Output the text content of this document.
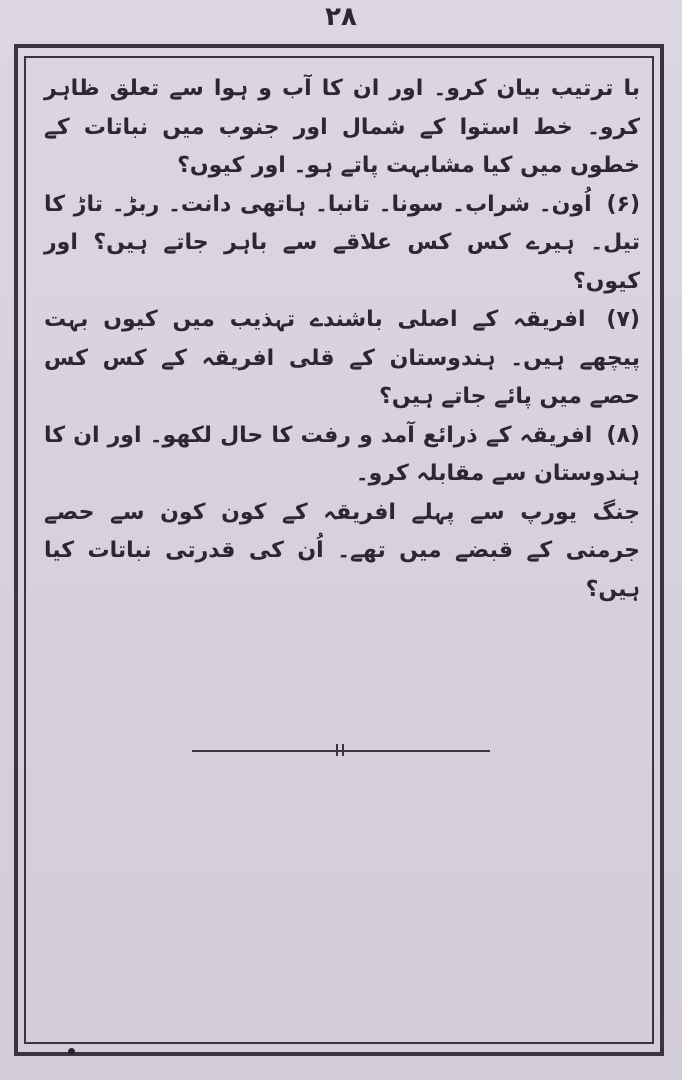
۲۸

با ترتیب بیان کرو۔ اور ان کا آب و ہوا سے تعلق ظاہر کرو۔ خط استوا کے شمال اور جنوب میں نباتات کے خطوں میں کیا مشابہت پاتے ہو۔ اور کیوں؟

(۶) اُون۔ شراب۔ سونا۔ تانبا۔ ہاتھی دانت۔ ربڑ۔ تاڑ کا تیل۔ ہیرے کس کس علاقے سے باہر جاتے ہیں؟ اور کیوں؟

(۷) افریقہ کے اصلی باشندے تہذیب میں کیوں بہت پیچھے ہیں۔ ہندوستان کے قلی افریقہ کے کس کس حصے میں پائے جاتے ہیں؟

(۸) افریقہ کے ذرائع آمد و رفت کا حال لکھو۔ اور ان کا ہندوستان سے مقابلہ کرو۔

جنگ یورپ سے پہلے افریقہ کے کون کون سے حصے جرمنی کے قبضے میں تھے۔ اُن کی قدرتی نباتات کیا ہیں؟
